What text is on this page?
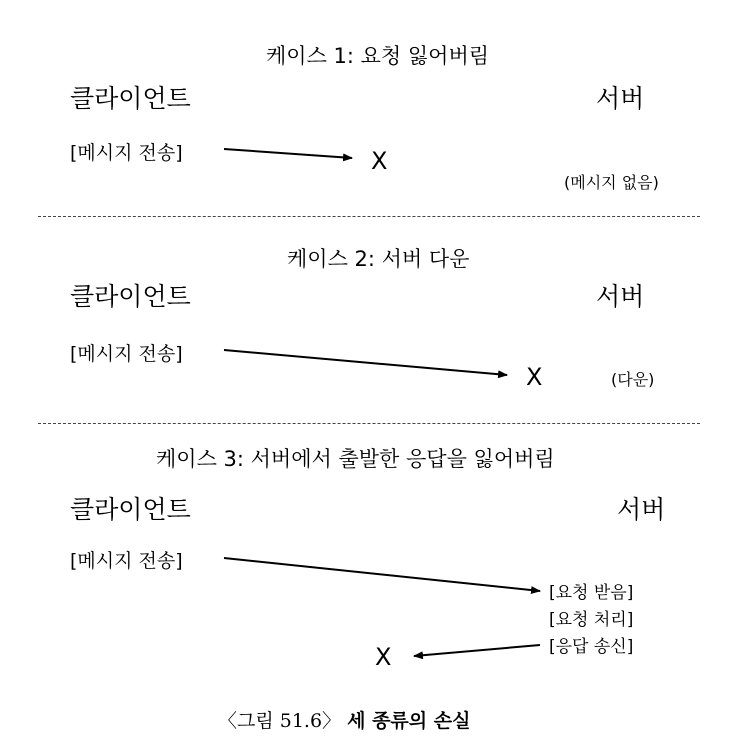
케이스 1: 요청 잃어버림
클라이언트	서버
[메시지 전송]	X
(메시지 없음)
케이스 2: 서버 다운
클라이언트	서버
[메시지 전송]
X	(다운)
케이스 3: 서버에서 출발한 응답을 잃어버림
클라이언트	서버
[메시지 전송]
[요청 받음]
[요청 처리]
[응답 송신]
X
〈그림 51.6〉 세 종류의 손실
